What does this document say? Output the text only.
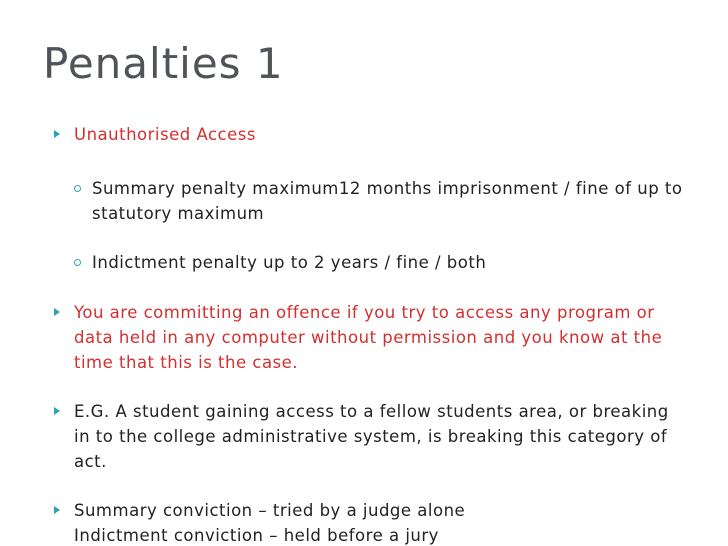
Penalties 1
Unauthorised Access
Summary penalty maximum12 months imprisonment / fine of up to statutory maximum
Indictment penalty up to 2 years / fine / both
You are committing an offence if you try to access any program or data held in any computer without permission and you know at the time that this is the case.
E.G. A student gaining access to a fellow students area, or breaking in to the college administrative system, is breaking this category of act.
Summary conviction – tried by a judge alone
Indictment conviction – held before a jury
